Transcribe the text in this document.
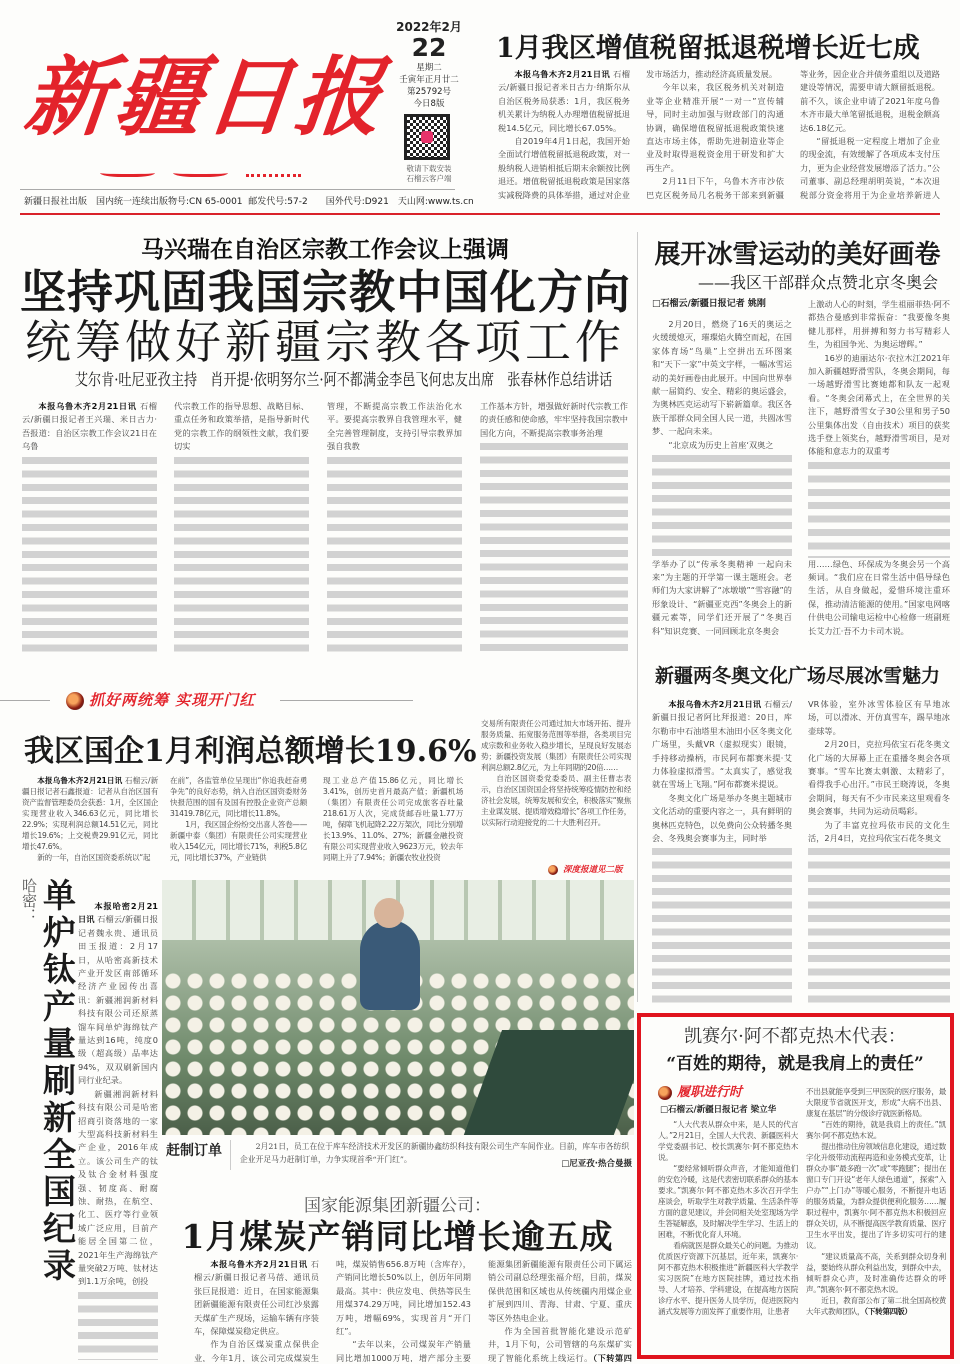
新疆日报
2022年2月
22
星期二
壬寅年正月廿二
第25792号
今日8版
敬请下载安装
石榴云客户端
新疆日报社出版　国内统一连续出版物号:CN 65-0001  邮发代号:57-2　　国外代号:D921　天山网:www.ts.cn
1月我区增值税留抵退税增长近七成

本报乌鲁木齐2月21日讯 石榴云/新疆日报记者米日古力·纳斯尔从自治区税务局获悉：1月，我区税务机关累计为纳税人办理增值税留抵退税14.5亿元，同比增长67.05%。

自2019年4月1日起，我国开始全面试行增值税留抵退税政策，对一般纳税人进销相抵后期末余额按比例退还。增值税留抵退税政策是国家落实减税降费的具体举措，通过对企业

发市场活力，推动经济高质量发展。

今年以来，我区税务机关对制造业等企业精准开展“一对一”宣传辅导，同时主动加强与财政部门的沟通协调，确保增值税留抵退税政策快速直达市场主体，帮助先进制造业等企业及时取得退税资金用于研发和扩大再生产。

2月11日下午，乌鲁木齐市沙依巴克区税务局几名税务干部来到新疆

等业务，因企业合并债务重组以及道路建设等情况，需要申请大额留抵退税。前不久，该企业申请了2021年度乌鲁木齐市最大单笔留抵退税，退税金额高达6.18亿元。

“留抵退税一定程度上增加了企业的现金流，有效缓解了各项成本支付压力，更为企业经营发展增添了活力。”公司董事、副总经理胡明英说，“本次退税部分资金将用于为企业培养新进人

马兴瑞在自治区宗教工作会议上强调
坚持巩固我国宗教中国化方向
统筹做好新疆宗教各项工作
艾尔肯·吐尼亚孜主持　肖开提·依明努尔兰·阿不都满金李邑飞何忠友出席　张春林作总结讲话

本报乌鲁木齐2月21日讯 石榴云/新疆日报记者王兴瑞、米日古力·吾报道：自治区宗教工作会议21日在乌鲁

代宗教工作的指导思想、战略目标、重点任务和政策举措，是指导新时代党的宗教工作的纲领性文献，我们要切实

管理，不断提高宗教工作法治化水平。要提高宗教界自我管理水平，健全完善管理制度，支持引导宗教界加强自我教

工作基本方针，增强做好新时代宗教工作的责任感和使命感，牢牢坚持我国宗教中国化方向，不断提高宗教事务治理

展开冰雪运动的美好画卷
——我区干部群众点赞北京冬奥会
□石榴云/新疆日报记者 姚刚

2月20日，燃烧了16天的奥运之火缓缓熄灭，璀璨焰火腾空而起，在国家体育场“鸟巢”上空拼出五环图案和“天下一家”中英文字样，一幅冰雪运动的美好画卷由此展开。中国向世界奉献一届简约、安全、精彩的奥运盛会，为奥林匹克运动写下崭新篇章。我区各族干部群众同全国人民一道，共圆冰雪梦、一起向未来。

“北京成为历史上首座‘双奥之

学举办了以“传承冬奥精神 一起向未来”为主题的开学第一课主题班会。老师们为大家讲解了“冰墩墩”“雪容融”的形象设计、“新疆亚克西”冬奥会上的新疆元素等，同学们还开展了“冬奥百科”知识竞赛、一同回顾北京冬奥会

上激动人心的时刻，学生祖丽菲热·阿不都热合曼感到非常振奋：“我要像冬奥健儿那样，用拼搏和努力书写精彩人生，为祖国争光、为奥运增辉。”

16岁的迪丽达尔·衣拉木江2021年加入新疆越野滑雪队，冬奥会期间，每一场越野滑雪比赛她都和队友一起观看。“冬奥会闭幕式上，在全世界的关注下，越野滑雪女子30公里和男子50公里集体出发（自由技术）项目的获奖选手登上领奖台，越野滑雪项目，是对体能和意志力的双重考

用……绿色、环保成为冬奥会另一个高频词。“我们应在日常生活中倡导绿色生活，从自身做起，爱惜环境注重环保，推动清洁能源的使用。”国家电网喀什供电公司输电运检中心检修一班副班长艾力江·吾不力卡司木说。

新疆两冬奥文化广场尽展冰雪魅力

本报乌鲁木齐2月21日讯 石榴云/新疆日报记者阿比拜报道：20日，库尔勒市中石油塔里木油田小区冬奥文化广场里，头戴VR（虚拟现实）眼镜，手持移动操柄，市民阿布都赛米提·艾力体验虚拟滑雪。“太真实了，感觉我就在雪场上飞翔。”阿布都赛米提说。

冬奥文化广场是举办冬奥主题城市文化活动的重要内容之一，具有鲜明的奥林匹克特色，以免费向公众转播冬奥会、冬残奥会赛事为主，同时举

VR体验，室外冰雪体验区有旱地冰场，可以滑冰、开仿真雪车，踢旱地冰壶球等。

2月20日，克拉玛依宝石花冬奥文化广场的大屏幕上正在重播冬奥会各项赛事。“雪车比赛太刺激、太精彩了，看得我手心出汗。”市民王晓涛说，冬奥会期间，每天有不少市民来这里观看冬奥会赛事，共同为运动员喝彩。

为了丰富克拉玛依市民的文化生活，2月4日，克拉玛依宝石花冬奥文

抓好两统筹 实现开门红
我区国企1月利润总额增长19.6%

本报乌鲁木齐2月21日讯 石榴云/新疆日报记者石鑫报道：记者从自治区国有资产监督管理委员会获悉：1月，全区国企实现营业收入346.63亿元，同比增长22.9%；实现利润总额14.51亿元，同比增长19.6%；上交税费29.91亿元，同比增长47.6%。

新的一年，自治区国资委系统以“起

在前”，各监管单位呈现出“你追我赶奋勇争先”的良好态势，纳入自治区国资委财务快报范围的国有及国有控股企业资产总额31419.78亿元，同比增长11.8%。

1月，我区国企纷纷交出喜人答卷——新疆中泰（集团）有限责任公司实现营业收入154亿元，同比增长71%，利税5.8亿元，同比增长37%，产业链供

现工业总产值15.86亿元，同比增长3.41%，创历史首月最高产值；新疆机场（集团）有限责任公司完成旅客吞吐量218.61万人次，完成货邮吞吐量1.77万吨，保障飞机起降2.22万架次，同比分别增长13.9%、11.0%、27%；新疆金融投资有限公司实现营业收入9623万元，较去年同期上升了7.94%；新疆农牧业投资

交易所有限责任公司通过加大市场开拓、提升服务质量、拓宽服务范围等举措，各类项目完成宗数和业务收入稳步增长，呈现良好发展态势；新疆投资发展（集团）有限责任公司实现利润总额2.8亿元，为上年同期的20倍……

自治区国资委党委委员、副主任曹志表示，自治区国资国企将坚持统筹疫情防控和经济社会发展，统筹发展和安全，积极落实“聚焦主业谋发展、提质增效稳增长”各项工作任务，以实际行动迎接党的二十大胜利召开。

深度报道见二版
哈密： 单炉钛产量刷新全国纪录	本报哈密2月21日讯 石榴云/新疆日报记者魏永贵、通讯员田玉报道：2月17日，从哈密高新技术产业开发区南部循环经济产业园传出喜讯：新疆湘润新材料科技有限公司还原蒸馏车间单炉海绵钛产量达到16吨，纯度0级（超高级）品率达94%，双双刷新国内同行业纪录。

新疆湘润新材料科技有限公司是哈密招商引资落地的一家大型高科技新材料生产企业，2016年成立。该公司生产的钛及钛合金材料强度强、韧度高、耐腐蚀、耐热，在航空、化工、医疗等行业领域广泛应用，目前产能居全国第二位，2021年生产海绵钛产量突破2万吨、钛材达到1.1万余吨，创投

赶制订单	2月21日，员工在位于库车经济技术开发区的新疆协鑫纺织科技有限公司生产车间作业。目前，库车市各纺织企业开足马力赶制订单，力争实现首季“开门红”。	□尼亚孜·热合曼摄
国家能源集团新疆公司：
1月煤炭产销同比增长逾五成

本报乌鲁木齐2月21日讯 石榴云/新疆日报记者马蓓、通讯员张巨昆报道：近日，在国家能源集团新疆能源有限责任公司红沙泉露天煤矿生产现场，运输车辆有序装车，保障煤炭稳定供应。

作为自治区煤炭重点保供企业，今年1月，该公司完成煤炭生

吨，煤炭销售656.8万吨（含库存），产销同比增长50%以上，创历年同期最高。其中：供应发电、供热等民生用煤374.29万吨，同比增加152.43万吨，增幅69%，实现首月“开门红”。

“去年以来，公司煤炭年产销量同比增加1000万吨，增产部分主要

能源集团新疆能源有限责任公司下属运销公司副总经理张福介绍，目前，煤炭保供范围和区域也从传统疆内用煤企业扩展到四川、青海、甘肃、宁夏、重庆等区外热电企业。

作为全国首批智能化建设示范矿井，1月下旬，公司管辖的乌东煤矿实现了智能化系统上线运行。（下转第四

凯赛尔·阿不都克热木代表：
“百姓的期待，就是我肩上的责任”
履职进行时
□石榴云/新疆日报记者 梁立华

“人大代表从群众中来，是人民的代言人。”2月21日，全国人大代表、新疆医科大学党委副书记、校长凯赛尔·阿不都克热木说。

“要经常倾听群众声音，才能知道他们的安危冷暖，这是代表密切联系群众的基本要求。”凯赛尔·阿不都克热木多次召开学生座谈会，听取学生对教学质量、生活条件等方面的意见建议，并会同相关处室现场为学生答疑解惑，及时解决学生学习、生活上的困难，不断优化育人环境。

看病就医是群众最关心的问题。为推动优质医疗资源下沉基层，近年来，凯赛尔·阿不都克热木积极推进“新疆医科大学教学实习医院”在地方医院挂牌，通过技术指导、人才培养、学科建设，在提高地方医院诊疗水平、提升医务人员学历，促进医院内涵式发展等方面发挥了重要作用，让患者

不出县就能享受到三甲医院的医疗服务，最大限度节省就医开支，形成“大病不出县、康复在基层”的分级诊疗就医新格局。

“百姓的期待，就是我肩上的责任。”凯赛尔·阿不都克热木说。

提出推动住房领域信息化建设，通过数字化升级带动流程再造和业务模式变革，让群众办事“最多跑一次”或“零跑腿”；提出在窗口专门开设“老年人绿色通道”，探索“入户办”“上门办”等暖心服务，不断提升电话的服务质量，为群众提供便利化服务……履职过程中，凯赛尔·阿不都克热木积极回应群众关切，从不断提高医学教育质量、医疗卫生水平出发，提出了许多切实可行的建议。

“建议质量高不高，关系到群众切身利益，要始终从群众利益出发，到群众中去，倾听群众心声，及时准确传达群众的呼声。”凯赛尔·阿不都克热木说。

近日，教育部公布了第二批全国高校黄大年式教师团队，（下转第四版）
